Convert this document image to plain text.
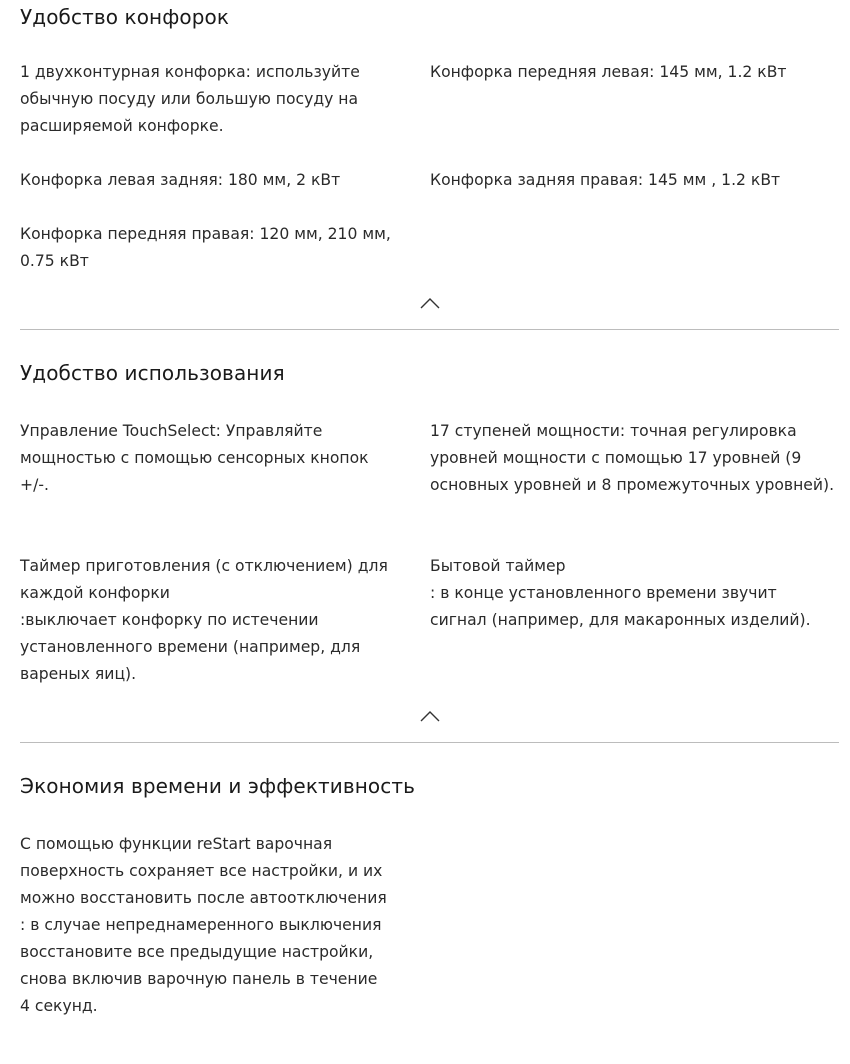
Удобство конфорок

1 двухконтурная конфорка: используйте обычную посуду или большую посуду на расширяемой конфорке.

Конфорка передняя левая: 145 мм, 1.2 кВт

Конфорка левая задняя: 180 мм, 2 кВт	Конфорка задняя правая: 145 мм , 1.2 кВт

Конфорка передняя правая: 120 мм, 210 мм, 0.75 кВт

Удобство использования

Управление TouchSelect: Управляйте мощностью с помощью сенсорных кнопок +/-.

17 ступеней мощности: точная регулировка уровней мощности с помощью 17 уровней (9 основных уровней и 8 промежуточных уровней).

Таймер приготовления (с отключением) для каждой конфорки
:выключает конфорку по истечении установленного времени (например, для вареных яиц).

Бытовой таймер
: в конце установленного времени звучит сигнал (например, для макаронных изделий).

Экономия времени и эффективность

С помощью функции reStart варочная поверхность сохраняет все настройки, и их можно восстановить после автоотключения : в случае непреднамеренного выключения восстановите все предыдущие настройки, снова включив варочную панель в течение 4 секунд.
